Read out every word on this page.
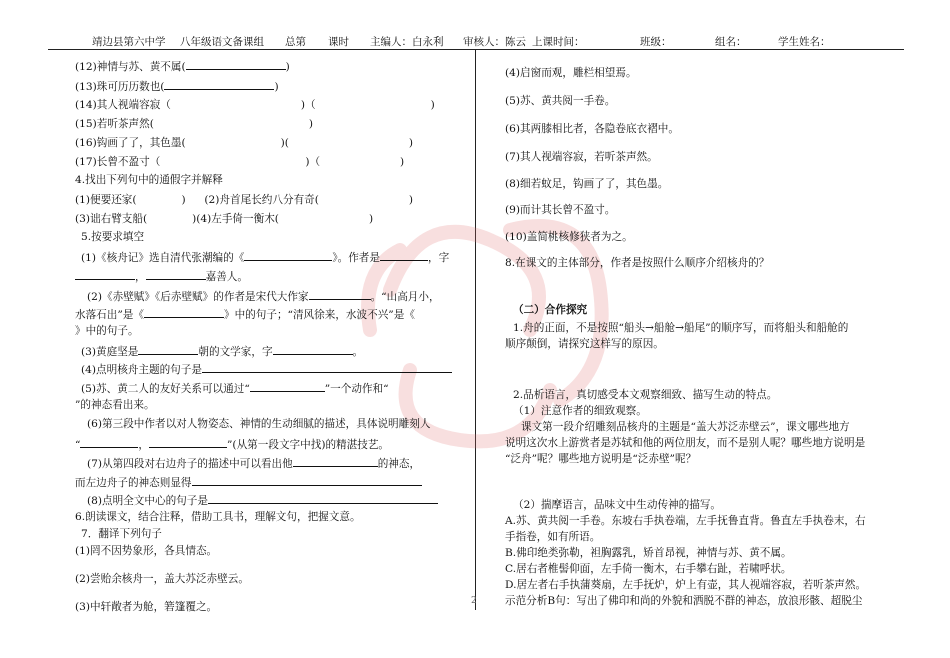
靖边县第六中学 八年级语文备课组 总第 课时 主编人：白永利 审核人：陈云 上课时间：	班级：	组名：	学生姓名：
(12)神情与苏、黄不属(	)
(13)珠可历历数也(	)
(14)其人视端容寂（	)（	)
(15)若听茶声然(	)
(16)钩画了了，其色墨(	)(	)
(17)长曾不盈寸（	)（	)
4.找出下列句中的通假字并解释
(1)便要还家(	) (2)舟首尾长约八分有奇(	)
(3)诎右臂支船(	)(4)左手倚一衡木(	)
5.按要求填空
(1)《核舟记》选自清代张潮编的《	》。作者是	，字
，	嘉善人。
(2)《赤壁赋》《后赤壁赋》的作者是宋代大作家	。“山高月小，
水落石出”是《	》中的句子；“清风徐来，水波不兴”是《
》中的句子。
(3)黄庭坚是	朝的文学家，字	。
(4)点明核舟主题的句子是
(5)苏、黄二人的友好关系可以通过“	”一个动作和“
”的神态看出来。
(6)第三段中作者以对人物姿态、神情的生动细腻的描述，具体说明雕刻人
“	，	”(从第一段文字中找)的精湛技艺。
(7)从第四段对右边舟子的描述中可以看出他	的神态，
而左边舟子的神态则显得
(8)点明全文中心的句子是
6.朗读课文，结合注释，借助工具书，理解文句，把握文意。
7．翻译下列句子
(1)罔不因势象形，各具情态。
(2)尝贻余核舟一，盖大苏泛赤壁云。
(3)中轩敞者为舱，箬篷覆之。
(4)启窗而观，雕栏相望焉。
(5)苏、黄共阅一手卷。
(6)其两膝相比者，各隐卷底衣褶中。
(7)其人视端容寂，若听茶声然。
(8)细若蚊足，钩画了了，其色墨。
(9)而计其长曾不盈寸。
(10)盖简桃核修狭者为之。
8.在课文的主体部分，作者是按照什么顺序介绍核舟的？
（二）合作探究
1.舟的正面，不是按照“船头→船舱→船尾”的顺序写，而将船头和船舱的
顺序颠倒，请探究这样写的原因。
2.品析语言，真切感受本文观察细致、描写生动的特点。
（1）注意作者的细致观察。
课文第一段介绍雕刻品核舟的主题是“盖大苏泛赤壁云”，课文哪些地方
说明这次水上游赏者是苏轼和他的两位朋友，而不是别人呢？哪些地方说明是
“泛舟”呢？哪些地方说明是“泛赤壁”呢？
（2）揣摩语言，品味文中生动传神的描写。
A.苏、黄共阅一手卷。东坡右手执卷端，左手抚鲁直背。鲁直左手执卷末，右
手指卷，如有所语。
B.佛印绝类弥勒，袒胸露乳，矫首昂视，神情与苏、黄不属。
C.居右者椎髻仰面，左手倚一衡木，右手攀右趾，若啸呼状。
D.居左者右手执蒲葵扇，左手抚炉，炉上有壶，其人视端容寂，若听茶声然。
示范分析B句：写出了佛印和尚的外貌和洒脱不群的神态，放浪形骸、超脱尘
2
